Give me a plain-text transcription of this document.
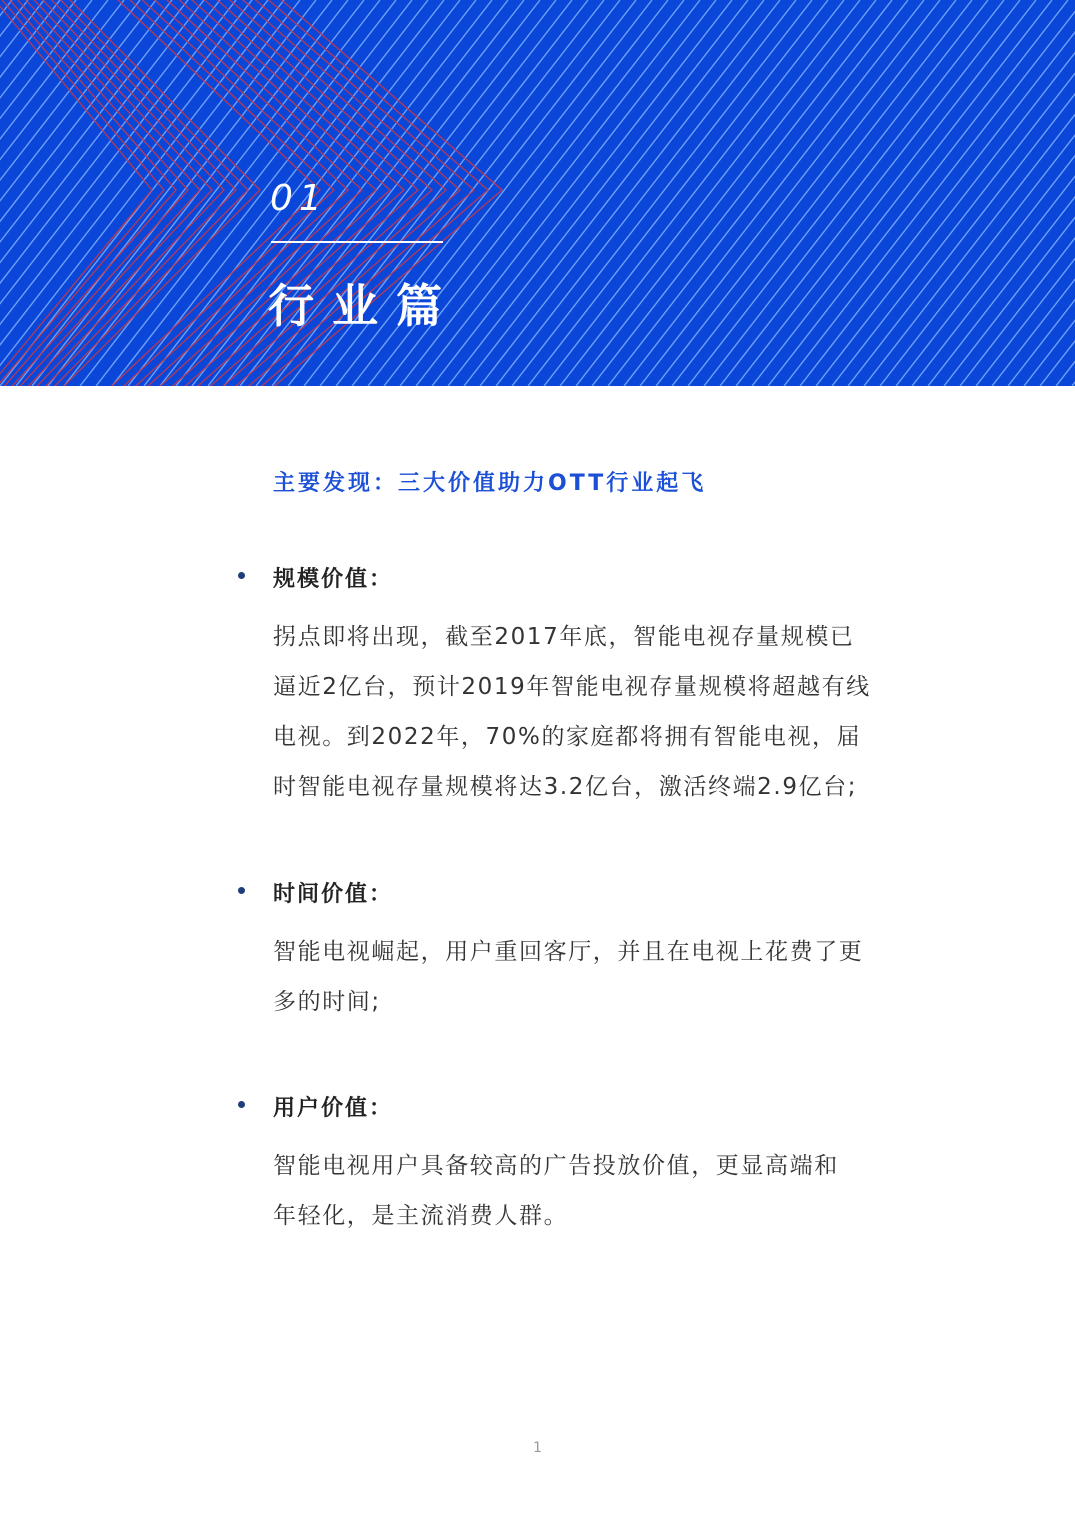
01
行业篇
主要发现：三大价值助力OTT行业起飞
规模价值：
拐点即将出现，截至2017年底，智能电视存量规模已
逼近2亿台，预计2019年智能电视存量规模将超越有线
电视。到2022年，70%的家庭都将拥有智能电视，届
时智能电视存量规模将达3.2亿台，激活终端2.9亿台;
时间价值：
智能电视崛起，用户重回客厅，并且在电视上花费了更
多的时间;
用户价值：
智能电视用户具备较高的广告投放价值，更显高端和
年轻化，是主流消费人群。
1
